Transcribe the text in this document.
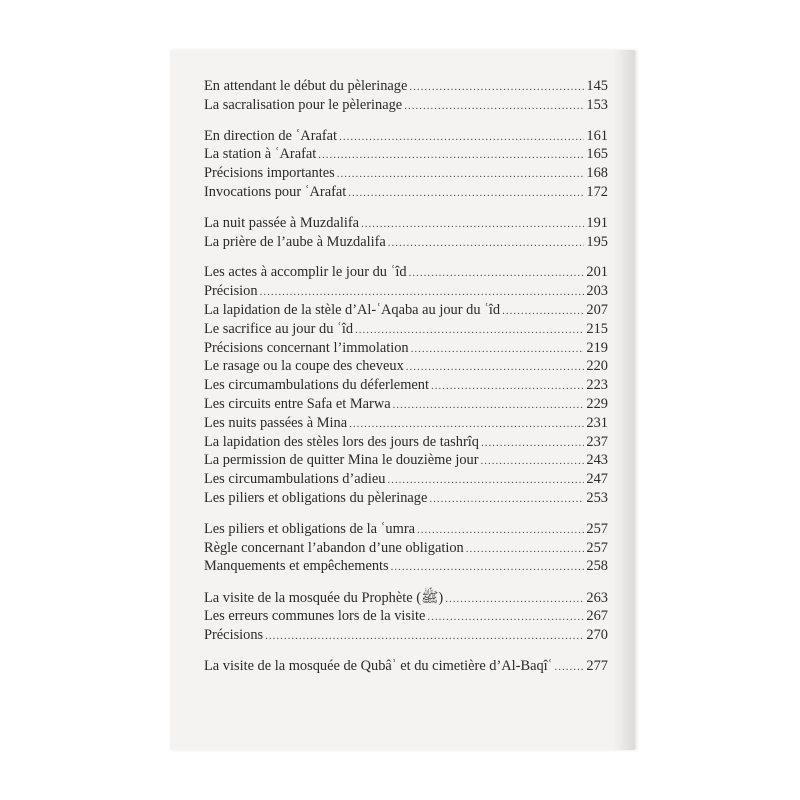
En attendant le début du pèlerinage .....	145
La sacralisation pour le pèlerinage .....	153
En direction de ʿArafat .....	161
La station à ʿArafat .....	165
Précisions importantes .....	168
Invocations pour ʿArafat .....	172
La nuit passée à Muzdalifa .....	191
La prière de l’aube à Muzdalifa .....	195
Les actes à accomplir le jour du ʿîd .....	201
Précision .....	203
La lapidation de la stèle d’Al-ʿAqaba au jour du ʿîd .....	207
Le sacrifice au jour du ʿîd .....	215
Précisions concernant l’immolation .....	219
Le rasage ou la coupe des cheveux .....	220
Les circumambulations du déferlement .....	223
Les circuits entre Safa et Marwa .....	229
Les nuits passées à Mina .....	231
La lapidation des stèles lors des jours de tashrîq .....	237
La permission de quitter Mina le douzième jour .....	243
Les circumambulations d’adieu .....	247
Les piliers et obligations du pèlerinage .....	253
Les piliers et obligations de la ʿumra .....	257
Règle concernant l’abandon d’une obligation .....	257
Manquements et empêchements .....	258
La visite de la mosquée du Prophète (ﷺ) .....	263
Les erreurs communes lors de la visite .....	267
Précisions .....	270
La visite de la mosquée de Qubâʾ et du cimetière d’Al-Baqîʿ ..... 277
